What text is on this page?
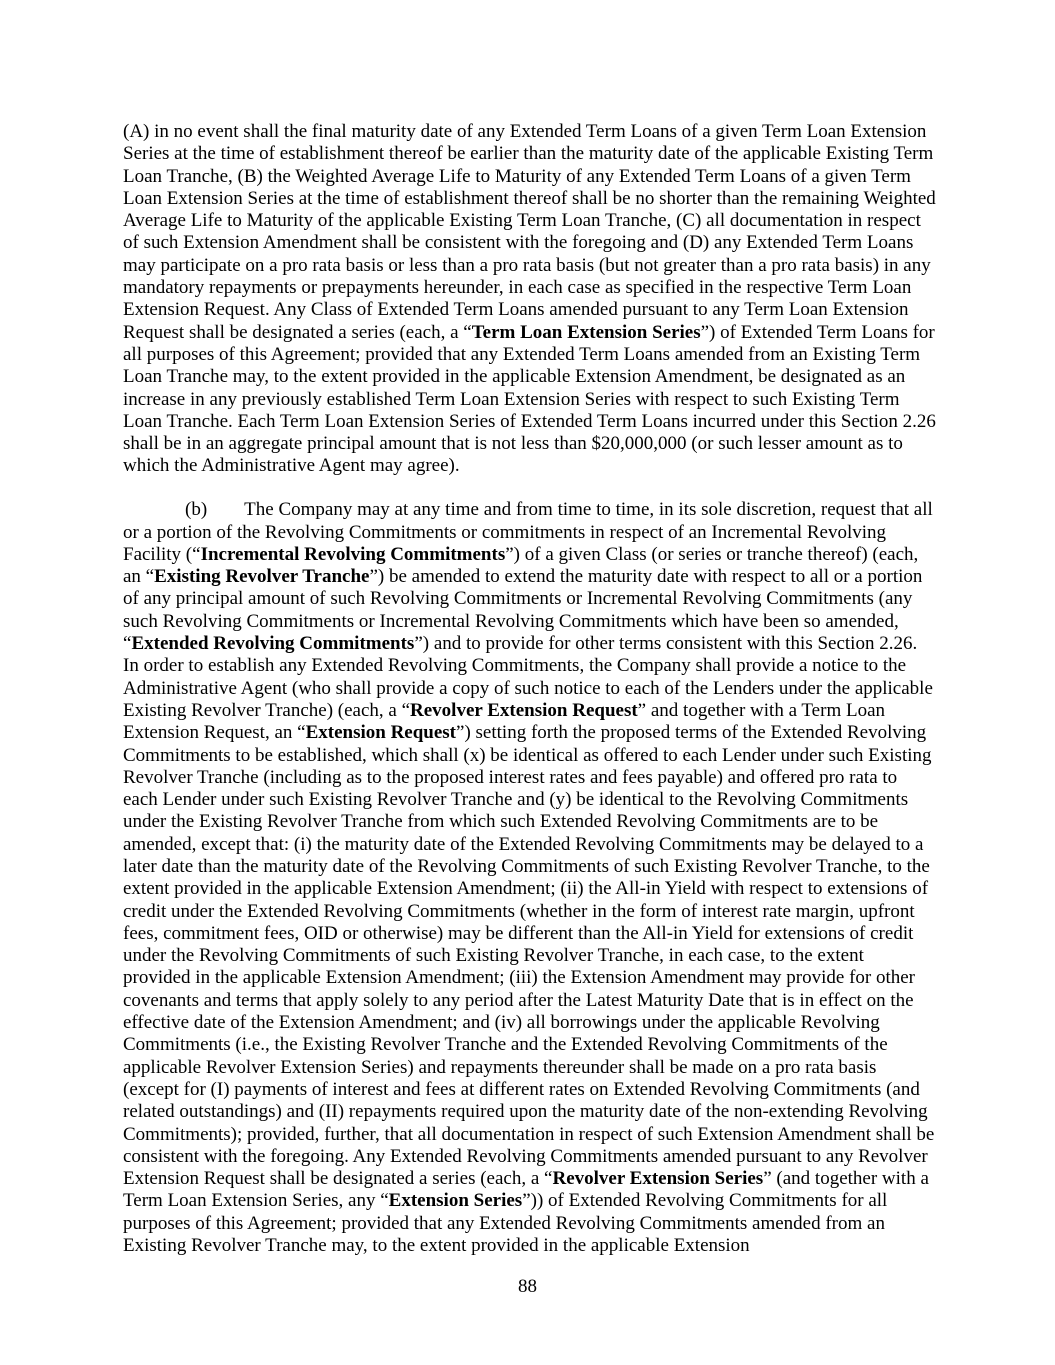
(A) in no event shall the final maturity date of any Extended Term Loans of a given Term Loan Extension Series at the time of establishment thereof be earlier than the maturity date of the applicable Existing Term Loan Tranche, (B) the Weighted Average Life to Maturity of any Extended Term Loans of a given Term Loan Extension Series at the time of establishment thereof shall be no shorter than the remaining Weighted Average Life to Maturity of the applicable Existing Term Loan Tranche, (C) all documentation in respect of such Extension Amendment shall be consistent with the foregoing and (D) any Extended Term Loans may participate on a pro rata basis or less than a pro rata basis (but not greater than a pro rata basis) in any mandatory repayments or prepayments hereunder, in each case as specified in the respective Term Loan Extension Request. Any Class of Extended Term Loans amended pursuant to any Term Loan Extension Request shall be designated a series (each, a “Term Loan Extension Series”) of Extended Term Loans for all purposes of this Agreement; provided that any Extended Term Loans amended from an Existing Term Loan Tranche may, to the extent provided in the applicable Extension Amendment, be designated as an increase in any previously established Term Loan Extension Series with respect to such Existing Term Loan Tranche. Each Term Loan Extension Series of Extended Term Loans incurred under this Section 2.26 shall be in an aggregate principal amount that is not less than $20,000,000 (or such lesser amount as to which the Administrative Agent may agree).

(b) The Company may at any time and from time to time, in its sole discretion, request that all or a portion of the Revolving Commitments or commitments in respect of an Incremental Revolving Facility (“Incremental Revolving Commitments”) of a given Class (or series or tranche thereof) (each, an “Existing Revolver Tranche”) be amended to extend the maturity date with respect to all or a portion of any principal amount of such Revolving Commitments or Incremental Revolving Commitments (any such Revolving Commitments or Incremental Revolving Commitments which have been so amended, “Extended Revolving Commitments”) and to provide for other terms consistent with this Section 2.26. In order to establish any Extended Revolving Commitments, the Company shall provide a notice to the Administrative Agent (who shall provide a copy of such notice to each of the Lenders under the applicable Existing Revolver Tranche) (each, a “Revolver Extension Request” and together with a Term Loan Extension Request, an “Extension Request”) setting forth the proposed terms of the Extended Revolving Commitments to be established, which shall (x) be identical as offered to each Lender under such Existing Revolver Tranche (including as to the proposed interest rates and fees payable) and offered pro rata to each Lender under such Existing Revolver Tranche and (y) be identical to the Revolving Commitments under the Existing Revolver Tranche from which such Extended Revolving Commitments are to be amended, except that: (i) the maturity date of the Extended Revolving Commitments may be delayed to a later date than the maturity date of the Revolving Commitments of such Existing Revolver Tranche, to the extent provided in the applicable Extension Amendment; (ii) the All-in Yield with respect to extensions of credit under the Extended Revolving Commitments (whether in the form of interest rate margin, upfront fees, commitment fees, OID or otherwise) may be different than the All-in Yield for extensions of credit under the Revolving Commitments of such Existing Revolver Tranche, in each case, to the extent provided in the applicable Extension Amendment; (iii) the Extension Amendment may provide for other covenants and terms that apply solely to any period after the Latest Maturity Date that is in effect on the effective date of the Extension Amendment; and (iv) all borrowings under the applicable Revolving Commitments (i.e., the Existing Revolver Tranche and the Extended Revolving Commitments of the applicable Revolver Extension Series) and repayments thereunder shall be made on a pro rata basis (except for (I) payments of interest and fees at different rates on Extended Revolving Commitments (and related outstandings) and (II) repayments required upon the maturity date of the non-extending Revolving Commitments); provided, further, that all documentation in respect of such Extension Amendment shall be consistent with the foregoing. Any Extended Revolving Commitments amended pursuant to any Revolver Extension Request shall be designated a series (each, a “Revolver Extension Series” (and together with a Term Loan Extension Series, any “Extension Series”)) of Extended Revolving Commitments for all purposes of this Agreement; provided that any Extended Revolving Commitments amended from an Existing Revolver Tranche may, to the extent provided in the applicable Extension

88
